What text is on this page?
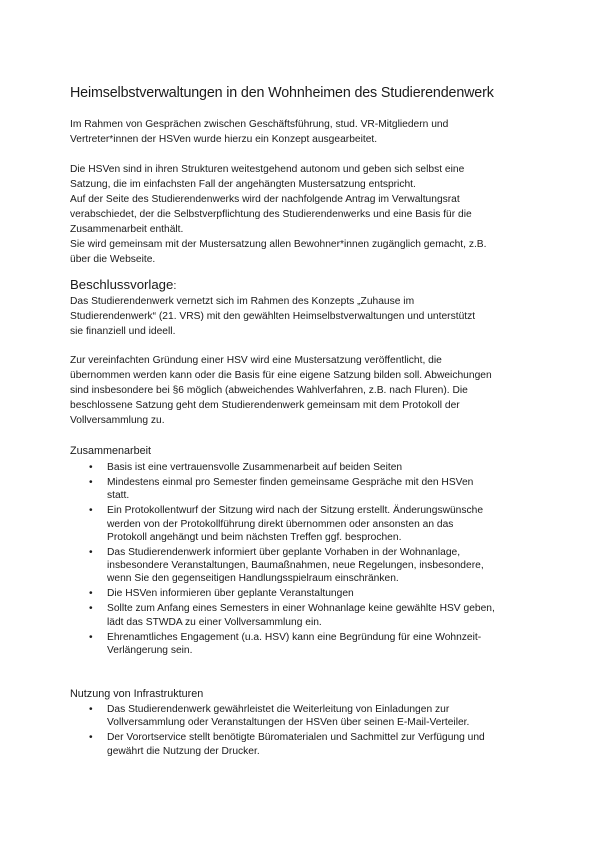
Heimselbstverwaltungen in den Wohnheimen des Studierendenwerk
Im Rahmen von Gesprächen zwischen Geschäftsführung, stud. VR-Mitgliedern und
Vertreter*innen der HSVen wurde hierzu ein Konzept ausgearbeitet.
Die HSVen sind in ihren Strukturen weitestgehend autonom und geben sich selbst eine
Satzung, die im einfachsten Fall der angehängten Mustersatzung entspricht.
Auf der Seite des Studierendenwerks wird der nachfolgende Antrag im Verwaltungsrat
verabschiedet, der die Selbstverpflichtung des Studierendenwerks und eine Basis für die
Zusammenarbeit enthält.
Sie wird gemeinsam mit der Mustersatzung allen Bewohner*innen zugänglich gemacht, z.B.
über die Webseite.
Beschlussvorlage:
Das Studierendenwerk vernetzt sich im Rahmen des Konzepts „Zuhause im
Studierendenwerk“ (21. VRS) mit den gewählten Heimselbstverwaltungen und unterstützt
sie finanziell und ideell.
Zur vereinfachten Gründung einer HSV wird eine Mustersatzung veröffentlicht, die
übernommen werden kann oder die Basis für eine eigene Satzung bilden soll. Abweichungen
sind insbesondere bei §6 möglich (abweichendes Wahlverfahren, z.B. nach Fluren). Die
beschlossene Satzung geht dem Studierendenwerk gemeinsam mit dem Protokoll der
Vollversammlung zu.
Zusammenarbeit
• Basis ist eine vertrauensvolle Zusammenarbeit auf beiden Seiten
• Mindestens einmal pro Semester finden gemeinsame Gespräche mit den HSVen
statt.
• Ein Protokollentwurf der Sitzung wird nach der Sitzung erstellt. Änderungswünsche
werden von der Protokollführung direkt übernommen oder ansonsten an das
Protokoll angehängt und beim nächsten Treffen ggf. besprochen.
• Das Studierendenwerk informiert über geplante Vorhaben in der Wohnanlage,
insbesondere Veranstaltungen, Baumaßnahmen, neue Regelungen, insbesondere,
wenn Sie den gegenseitigen Handlungsspielraum einschränken.
• Die HSVen informieren über geplante Veranstaltungen
• Sollte zum Anfang eines Semesters in einer Wohnanlage keine gewählte HSV geben,
lädt das STWDA zu einer Vollversammlung ein.
• Ehrenamtliches Engagement (u.a. HSV) kann eine Begründung für eine Wohnzeit-
Verlängerung sein.
Nutzung von Infrastrukturen
• Das Studierendenwerk gewährleistet die Weiterleitung von Einladungen zur
Vollversammlung oder Veranstaltungen der HSVen über seinen E-Mail-Verteiler.
• Der Vorortservice stellt benötigte Büromaterialen und Sachmittel zur Verfügung und
gewährt die Nutzung der Drucker.
